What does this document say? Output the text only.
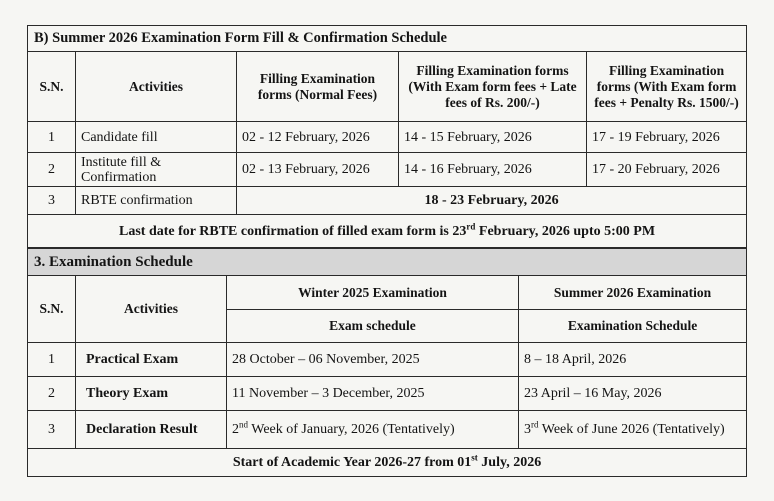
B) Summer 2026 Examination Form Fill & Confirmation Schedule				
S.N.	Activities	Filling Examination forms (Normal Fees)	Filling Examination forms (With Exam form fees + Late fees of Rs. 200/-)	Filling Examination forms (With Exam form fees + Penalty Rs. 1500/-)
1	Candidate fill	02 - 12 February, 2026	14 - 15 February, 2026	17 - 19 February, 2026
2	Institute fill & Confirmation	02 - 13 February, 2026	14 - 16 February, 2026	17 - 20 February, 2026
3	RBTE confirmation	18 - 23 February, 2026		
Last date for RBTE confirmation of filled exam form is 23rd February, 2026 upto 5:00 PM				
3. Examination Schedule			
S.N.	Activities	Winter 2025 Examination	Summer 2026 Examination
		Exam schedule	Examination Schedule
1	Practical Exam	28 October – 06 November, 2025	8 – 18 April, 2026
2	Theory Exam	11 November – 3 December, 2025	23 April – 16 May, 2026
3	Declaration Result	2nd Week of January, 2026 (Tentatively)	3rd Week of June 2026 (Tentatively)
Start of Academic Year 2026-27 from 01st July, 2026			
